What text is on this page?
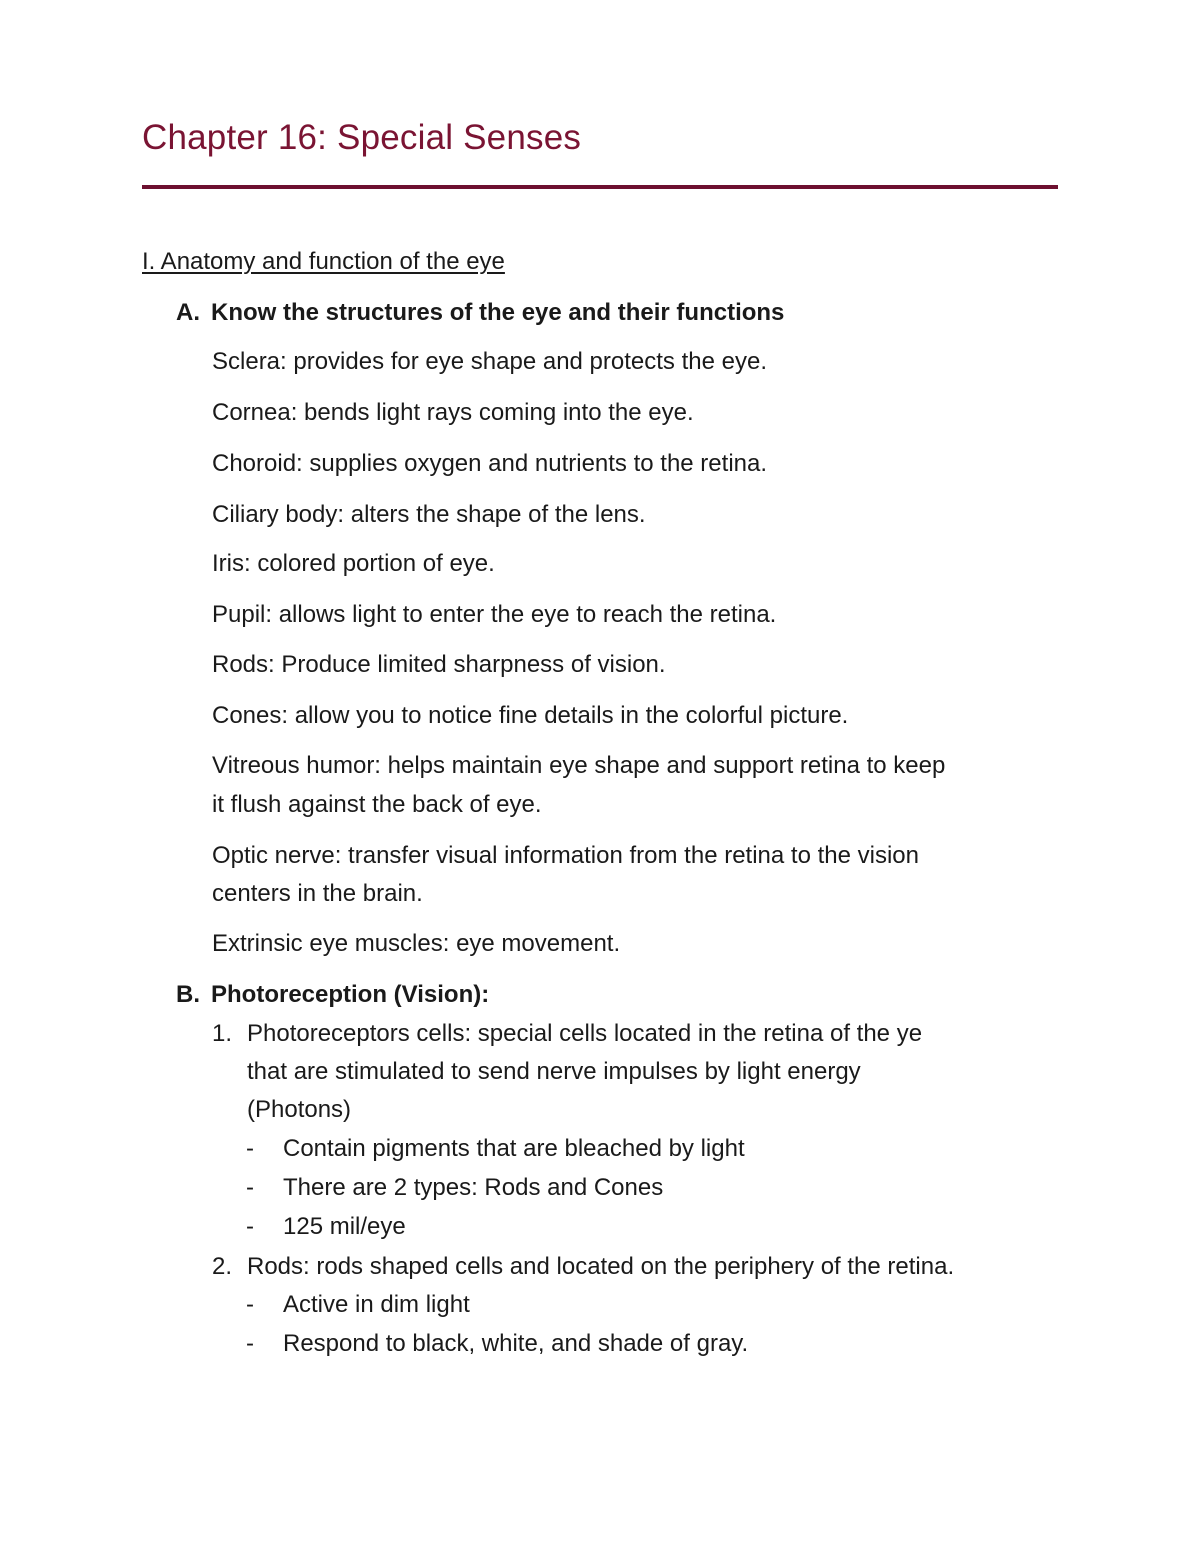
Chapter 16: Special Senses
I. Anatomy and function of the eye
A. Know the structures of the eye and their functions
Sclera: provides for eye shape and protects the eye.
Cornea: bends light rays coming into the eye.
Choroid: supplies oxygen and nutrients to the retina.
Ciliary body: alters the shape of the lens.
Iris: colored portion of eye.
Pupil: allows light to enter the eye to reach the retina.
Rods: Produce limited sharpness of vision.
Cones: allow you to notice fine details in the colorful picture.
Vitreous humor: helps maintain eye shape and support retina to keep
it flush against the back of eye.
Optic nerve: transfer visual information from the retina to the vision
centers in the brain.
Extrinsic eye muscles: eye movement.
B. Photoreception (Vision):
1. Photoreceptors cells: special cells located in the retina of the ye
that are stimulated to send nerve impulses by light energy
(Photons)
- Contain pigments that are bleached by light
- There are 2 types: Rods and Cones
- 125 mil/eye
2. Rods: rods shaped cells and located on the periphery of the retina.
- Active in dim light
- Respond to black, white, and shade of gray.
